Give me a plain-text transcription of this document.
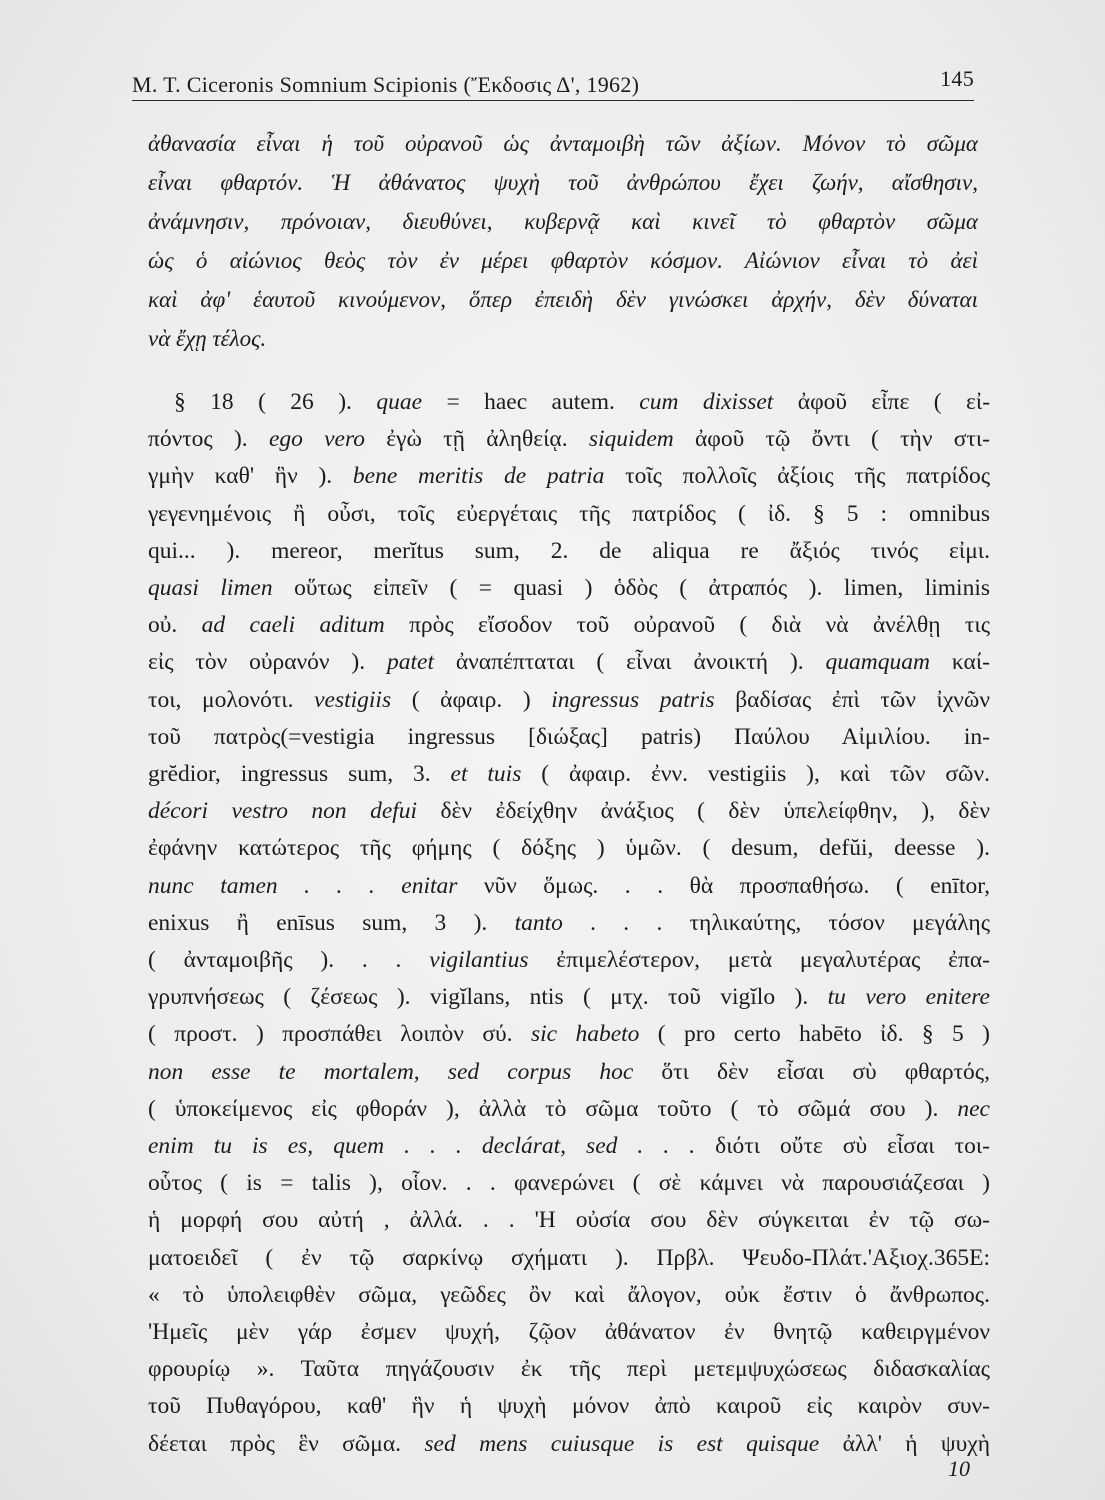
M. T. Ciceronis Somnium Scipionis (Ἔκδοσις Δ', 1962)	145
ἀθανασία εἶναι ἡ τοῦ οὐρανοῦ ὡς ἀνταμοιβὴ τῶν ἀξίων. Μόνον τὸ σῶμα
εἶναι φθαρτόν. Ἡ ἀθάνατος ψυχὴ τοῦ ἀνθρώπου ἔχει ζωήν, αἴσθησιν,
ἀνάμνησιν, πρόνοιαν, διευθύνει, κυβερνᾷ καὶ κινεῖ τὸ φθαρτὸν σῶμα
ὡς ὁ αἰώνιος θεὸς τὸν ἐν μέρει φθαρτὸν κόσμον. Αἰώνιον εἶναι τὸ ἀεὶ
καὶ ἀφ' ἑαυτοῦ κινούμενον, ὅπερ ἐπειδὴ δὲν γινώσκει ἀρχήν, δὲν δύναται
νὰ ἔχῃ τέλος.
§ 18 ( 26 ). quae = haec autem. cum dixisset ἀφοῦ εἶπε ( εἰ-
πόντος ). ego vero ἐγὼ τῇ ἀληθείᾳ. siquidem ἀφοῦ τῷ ὄντι ( τὴν στι-
γμὴν καθ' ἣν ). bene meritis de patria τοῖς πολλοῖς ἀξίοις τῆς πατρίδος
γεγενημένοις ἢ οὖσι, τοῖς εὐεργέταις τῆς πατρίδος ( ἰδ. § 5 : omnibus
qui... ). mereor, merĭtus sum, 2. de aliqua re ἄξιός τινός εἰμι.
quasi limen οὕτως εἰπεῖν ( = quasi ) ὁδὸς ( ἀτραπός ). limen, liminis
οὐ. ad caeli aditum πρὸς εἴσοδον τοῦ οὐρανοῦ ( διὰ νὰ ἀνέλθῃ τις
εἰς τὸν οὐρανόν ). patet ἀναπέπταται ( εἶναι ἀνοικτή ). quamquam καί-
τοι, μολονότι. vestigiis ( ἀφαιρ. ) ingressus patris βαδίσας ἐπὶ τῶν ἰχνῶν
τοῦ πατρὸς(=vestigia ingressus [διώξας] patris) Παύλου Αἰμιλίου. in-
grĕdior, ingressus sum, 3. et tuis ( ἀφαιρ. ἐνν. vestigiis ), καὶ τῶν σῶν.
décori vestro non defui δὲν ἐδείχθην ἀνάξιος ( δὲν ὑπελείφθην, ), δὲν
ἐφάνην κατώτερος τῆς φήμης ( δόξης ) ὑμῶν. ( desum, defŭi, deesse ).
nunc tamen . . . enitar νῦν ὅμως. . . θὰ προσπαθήσω. ( enītor,
enixus ἢ enīsus sum, 3 ). tanto . . . τηλικαύτης, τόσον μεγάλης
( ἀνταμοιβῆς ). . . vigilantius ἐπιμελέστερον, μετὰ μεγαλυτέρας ἐπα-
γρυπνήσεως ( ζέσεως ). vigĭlans, ntis ( μτχ. τοῦ vigĭlo ). tu vero enitere
( προστ. ) προσπάθει λοιπὸν σύ. sic habeto ( pro certo habēto ἰδ. § 5 )
non esse te mortalem, sed corpus hoc ὅτι δὲν εἶσαι σὺ φθαρτός,
( ὑποκείμενος εἰς φθοράν ), ἀλλὰ τὸ σῶμα τοῦτο ( τὸ σῶμά σου ). nec
enim tu is es, quem . . . declárat, sed . . . διότι οὔτε σὺ εἶσαι τοι-
οὗτος ( is = talis ), οἷον. . . φανερώνει ( σὲ κάμνει νὰ παρουσιάζεσαι )
ἡ μορφή σου αὐτή , ἀλλά. . . 'Η οὐσία σου δὲν σύγκειται ἐν τῷ σω-
ματοειδεῖ ( ἐν τῷ σαρκίνῳ σχήματι ). Πρβλ. Ψευδο-Πλάτ.'Αξιοχ.365Ε:
« τὸ ὑπολειφθὲν σῶμα, γεῶδες ὂν καὶ ἄλογον, οὐκ ἔστιν ὁ ἄνθρωπος.
'Ημεῖς μὲν γάρ ἐσμεν ψυχή, ζῷον ἀθάνατον ἐν θνητῷ καθειργμένον
φρουρίῳ ». Ταῦτα πηγάζουσιν ἐκ τῆς περὶ μετεμψυχώσεως διδασκαλίας
τοῦ Πυθαγόρου, καθ' ἣν ἡ ψυχὴ μόνον ἀπὸ καιροῦ εἰς καιρὸν συν-
δέεται πρὸς ἓν σῶμα. sed mens cuiusque is est quisque ἀλλ' ἡ ψυχὴ
10
